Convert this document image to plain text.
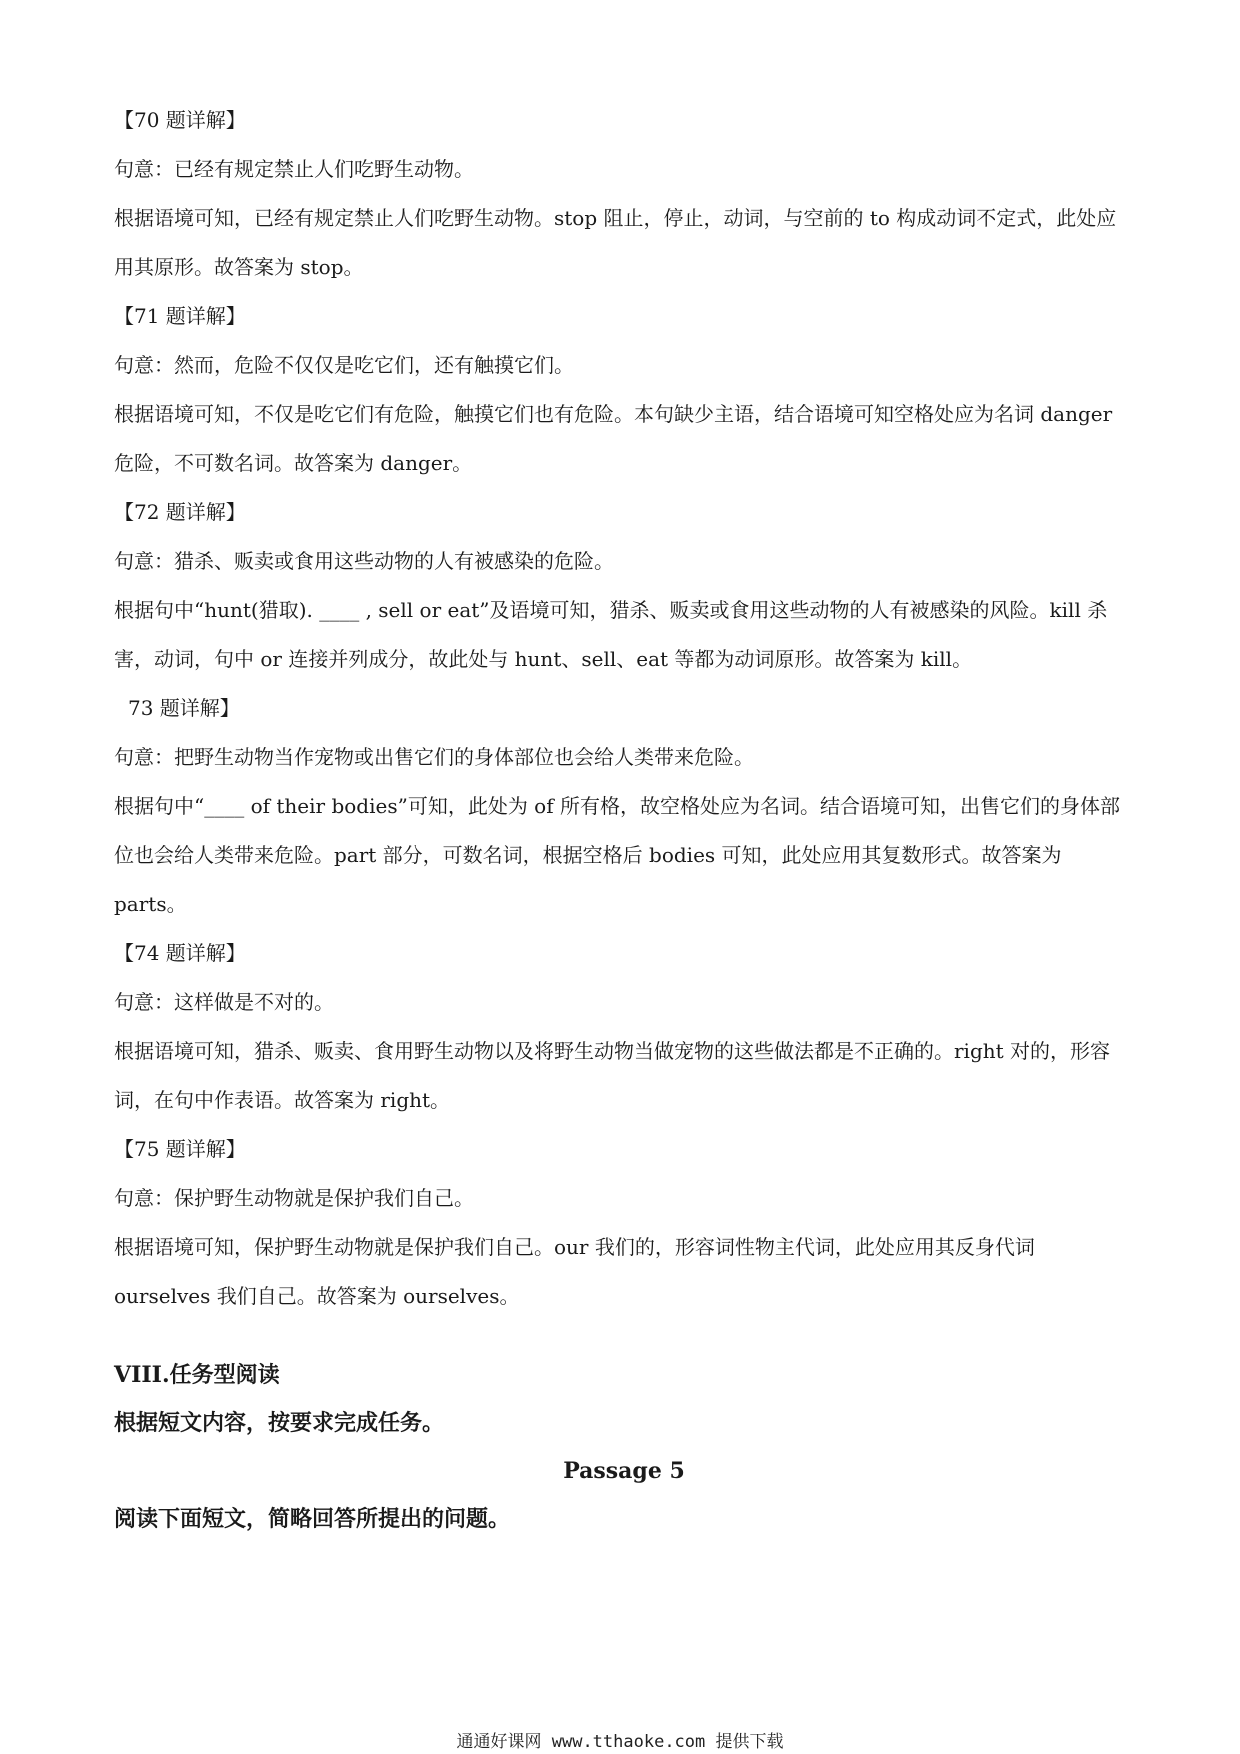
【70 题详解】

句意：已经有规定禁止人们吃野生动物。

根据语境可知，已经有规定禁止人们吃野生动物。stop 阻止，停止，动词，与空前的 to 构成动词不定式，此处应用其原形。故答案为 stop。

【71 题详解】

句意：然而，危险不仅仅是吃它们，还有触摸它们。

根据语境可知，不仅是吃它们有危险，触摸它们也有危险。本句缺少主语，结合语境可知空格处应为名词 danger 危险，不可数名词。故答案为 danger。

【72 题详解】

句意：猎杀、贩卖或食用这些动物的人有被感染的危险。

根据句中“hunt(猎取). ____ , sell or eat”及语境可知，猎杀、贩卖或食用这些动物的人有被感染的风险。kill 杀害，动词，句中 or 连接并列成分，故此处与 hunt、sell、eat 等都为动词原形。故答案为 kill。

73 题详解】

句意：把野生动物当作宠物或出售它们的身体部位也会给人类带来危险。

根据句中“____ of their bodies”可知，此处为 of 所有格，故空格处应为名词。结合语境可知，出售它们的身体部位也会给人类带来危险。part 部分，可数名词，根据空格后 bodies 可知，此处应用其复数形式。故答案为 parts。

【74 题详解】

句意：这样做是不对的。

根据语境可知，猎杀、贩卖、食用野生动物以及将野生动物当做宠物的这些做法都是不正确的。right 对的，形容词，在句中作表语。故答案为 right。

【75 题详解】

句意：保护野生动物就是保护我们自己。

根据语境可知，保护野生动物就是保护我们自己。our 我们的，形容词性物主代词，此处应用其反身代词 ourselves 我们自己。故答案为 ourselves。

VIII.任务型阅读

根据短文内容，按要求完成任务。

Passage 5

阅读下面短文，简略回答所提出的问题。

通通好课网 www.tthaoke.com 提供下载
